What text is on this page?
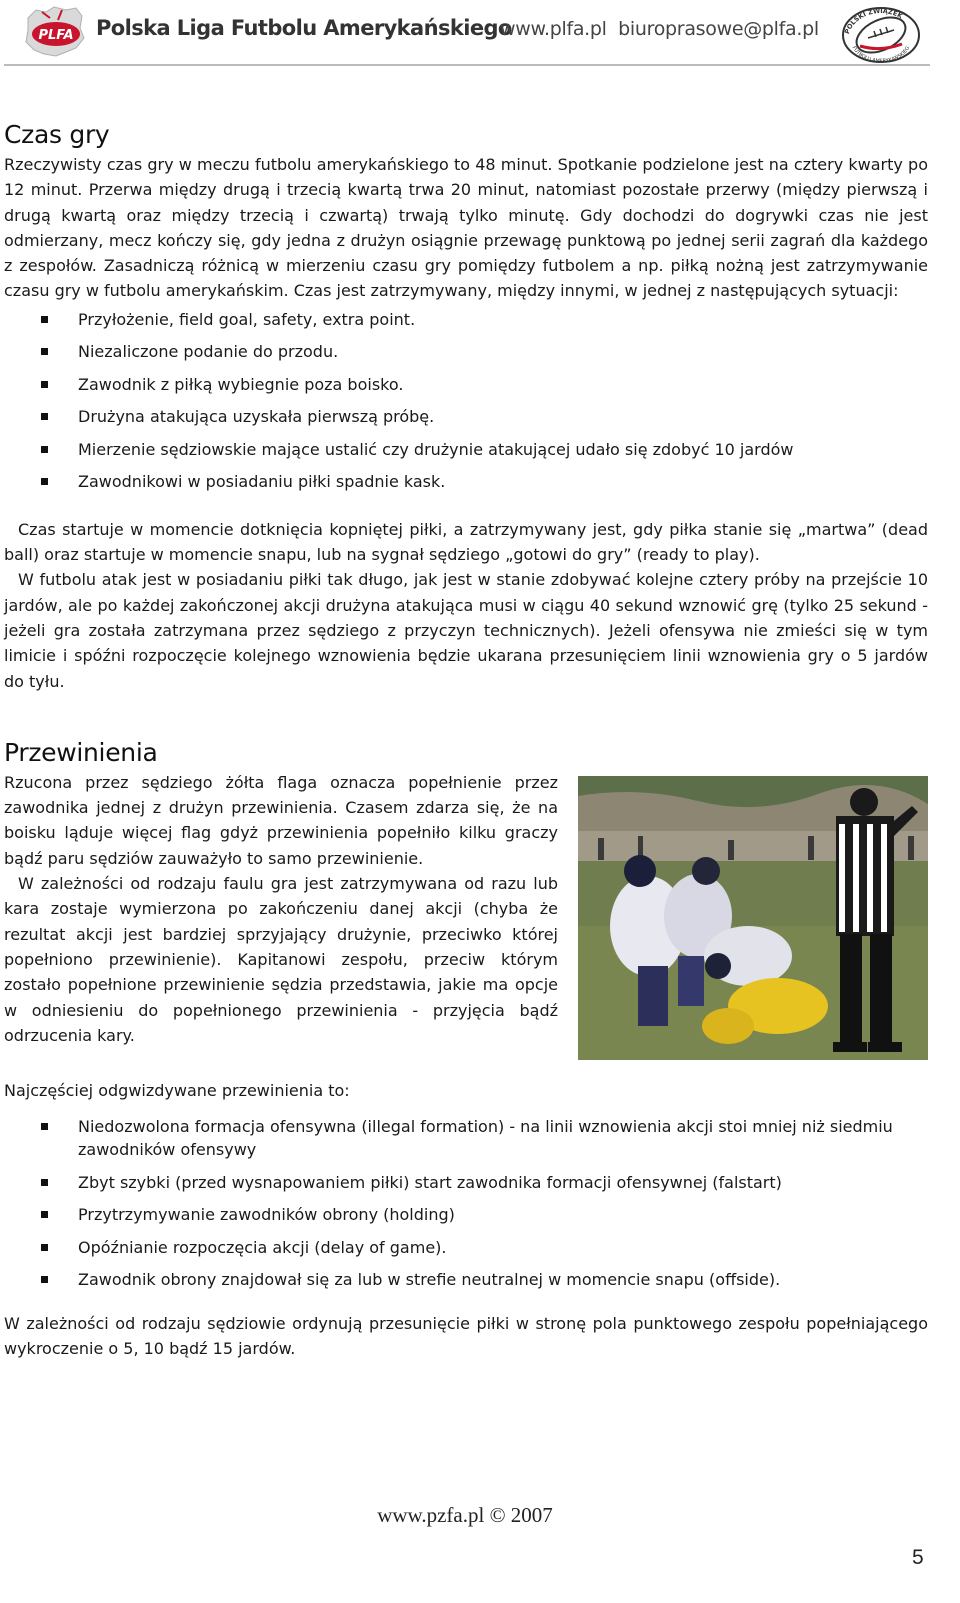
PLFA Polska Liga Futbolu Amerykańskiego
www.plfa.pl  biuroprasowe@plfa.pl	POLSKI ZWIĄZEK
FUTBOLU AMERYKAŃSKIEG
Czas gry

Rzeczywisty czas gry w meczu futbolu amerykańskiego to 48 minut. Spotkanie podzielone jest na cztery kwarty po 12 minut. Przerwa między drugą i trzecią kwartą trwa 20 minut, natomiast pozostałe przerwy (między pierwszą i drugą kwartą oraz między trzecią i czwartą) trwają tylko minutę. Gdy dochodzi do dogrywki czas nie jest odmierzany, mecz kończy się, gdy jedna z drużyn osiągnie przewagę punktową po jednej serii zagrań dla każdego z zespołów. Zasadniczą różnicą w mierzeniu czasu gry pomiędzy futbolem a np. piłką nożną jest zatrzymywanie czasu gry w futbolu amerykańskim. Czas jest zatrzymywany, między innymi, w jednej z następujących sytuacji:

Przyłożenie, field goal, safety, extra point.
Niezaliczone podanie do przodu.
Zawodnik z piłką wybiegnie poza boisko.
Drużyna atakująca uzyskała pierwszą próbę.
Mierzenie sędziowskie mające ustalić czy drużynie atakującej udało się zdobyć 10 jardów
Zawodnikowi w posiadaniu piłki spadnie kask.

Czas startuje w momencie dotknięcia kopniętej piłki, a zatrzymywany jest, gdy piłka stanie się „martwa” (dead ball) oraz startuje w momencie snapu, lub na sygnał sędziego „gotowi do gry” (ready to play).

W futbolu atak jest w posiadaniu piłki tak długo, jak jest w stanie zdobywać kolejne cztery próby na przejście 10 jardów, ale po każdej zakończonej akcji drużyna atakująca musi w ciągu 40 sekund wznowić grę (tylko 25 sekund - jeżeli gra została zatrzymana przez sędziego z przyczyn technicznych). Jeżeli ofensywa nie zmieści się w tym limicie i spóźni rozpoczęcie kolejnego wznowienia będzie ukarana przesunięciem linii wznowienia gry o 5 jardów do tyłu.

Przewinienia

Rzucona przez sędziego żółta flaga oznacza popełnienie przez zawodnika jednej z drużyn przewinienia. Czasem zdarza się, że na boisku ląduje więcej flag gdyż przewinienia popełniło kilku graczy bądź paru sędziów zauważyło to samo przewinienie.

W zależności od rodzaju faulu gra jest zatrzymywana od razu lub kara zostaje wymierzona po zakończeniu danej akcji (chyba że rezultat akcji jest bardziej sprzyjający drużynie, przeciwko której popełniono przewinienie). Kapitanowi zespołu, przeciw którym zostało popełnione przewinienie sędzia przedstawia, jakie ma opcje w odniesieniu do popełnionego przewinienia - przyjęcia bądź odrzucenia kary.

Najczęściej odgwizdywane przewinienia to:

Niedozwolona formacja ofensywna (illegal formation) - na linii wznowienia akcji stoi mniej niż siedmiu zawodników ofensywy
Zbyt szybki (przed wysnapowaniem piłki) start zawodnika formacji ofensywnej (falstart)
Przytrzymywanie zawodników obrony (holding)
Opóźnianie rozpoczęcia akcji (delay of game).
Zawodnik obrony znajdował się za lub w strefie neutralnej w momencie snapu (offside).

W zależności od rodzaju sędziowie ordynują przesunięcie piłki w stronę pola punktowego zespołu popełniającego wykroczenie o 5, 10 bądź 15 jardów.

www.pzfa.pl © 2007
5
